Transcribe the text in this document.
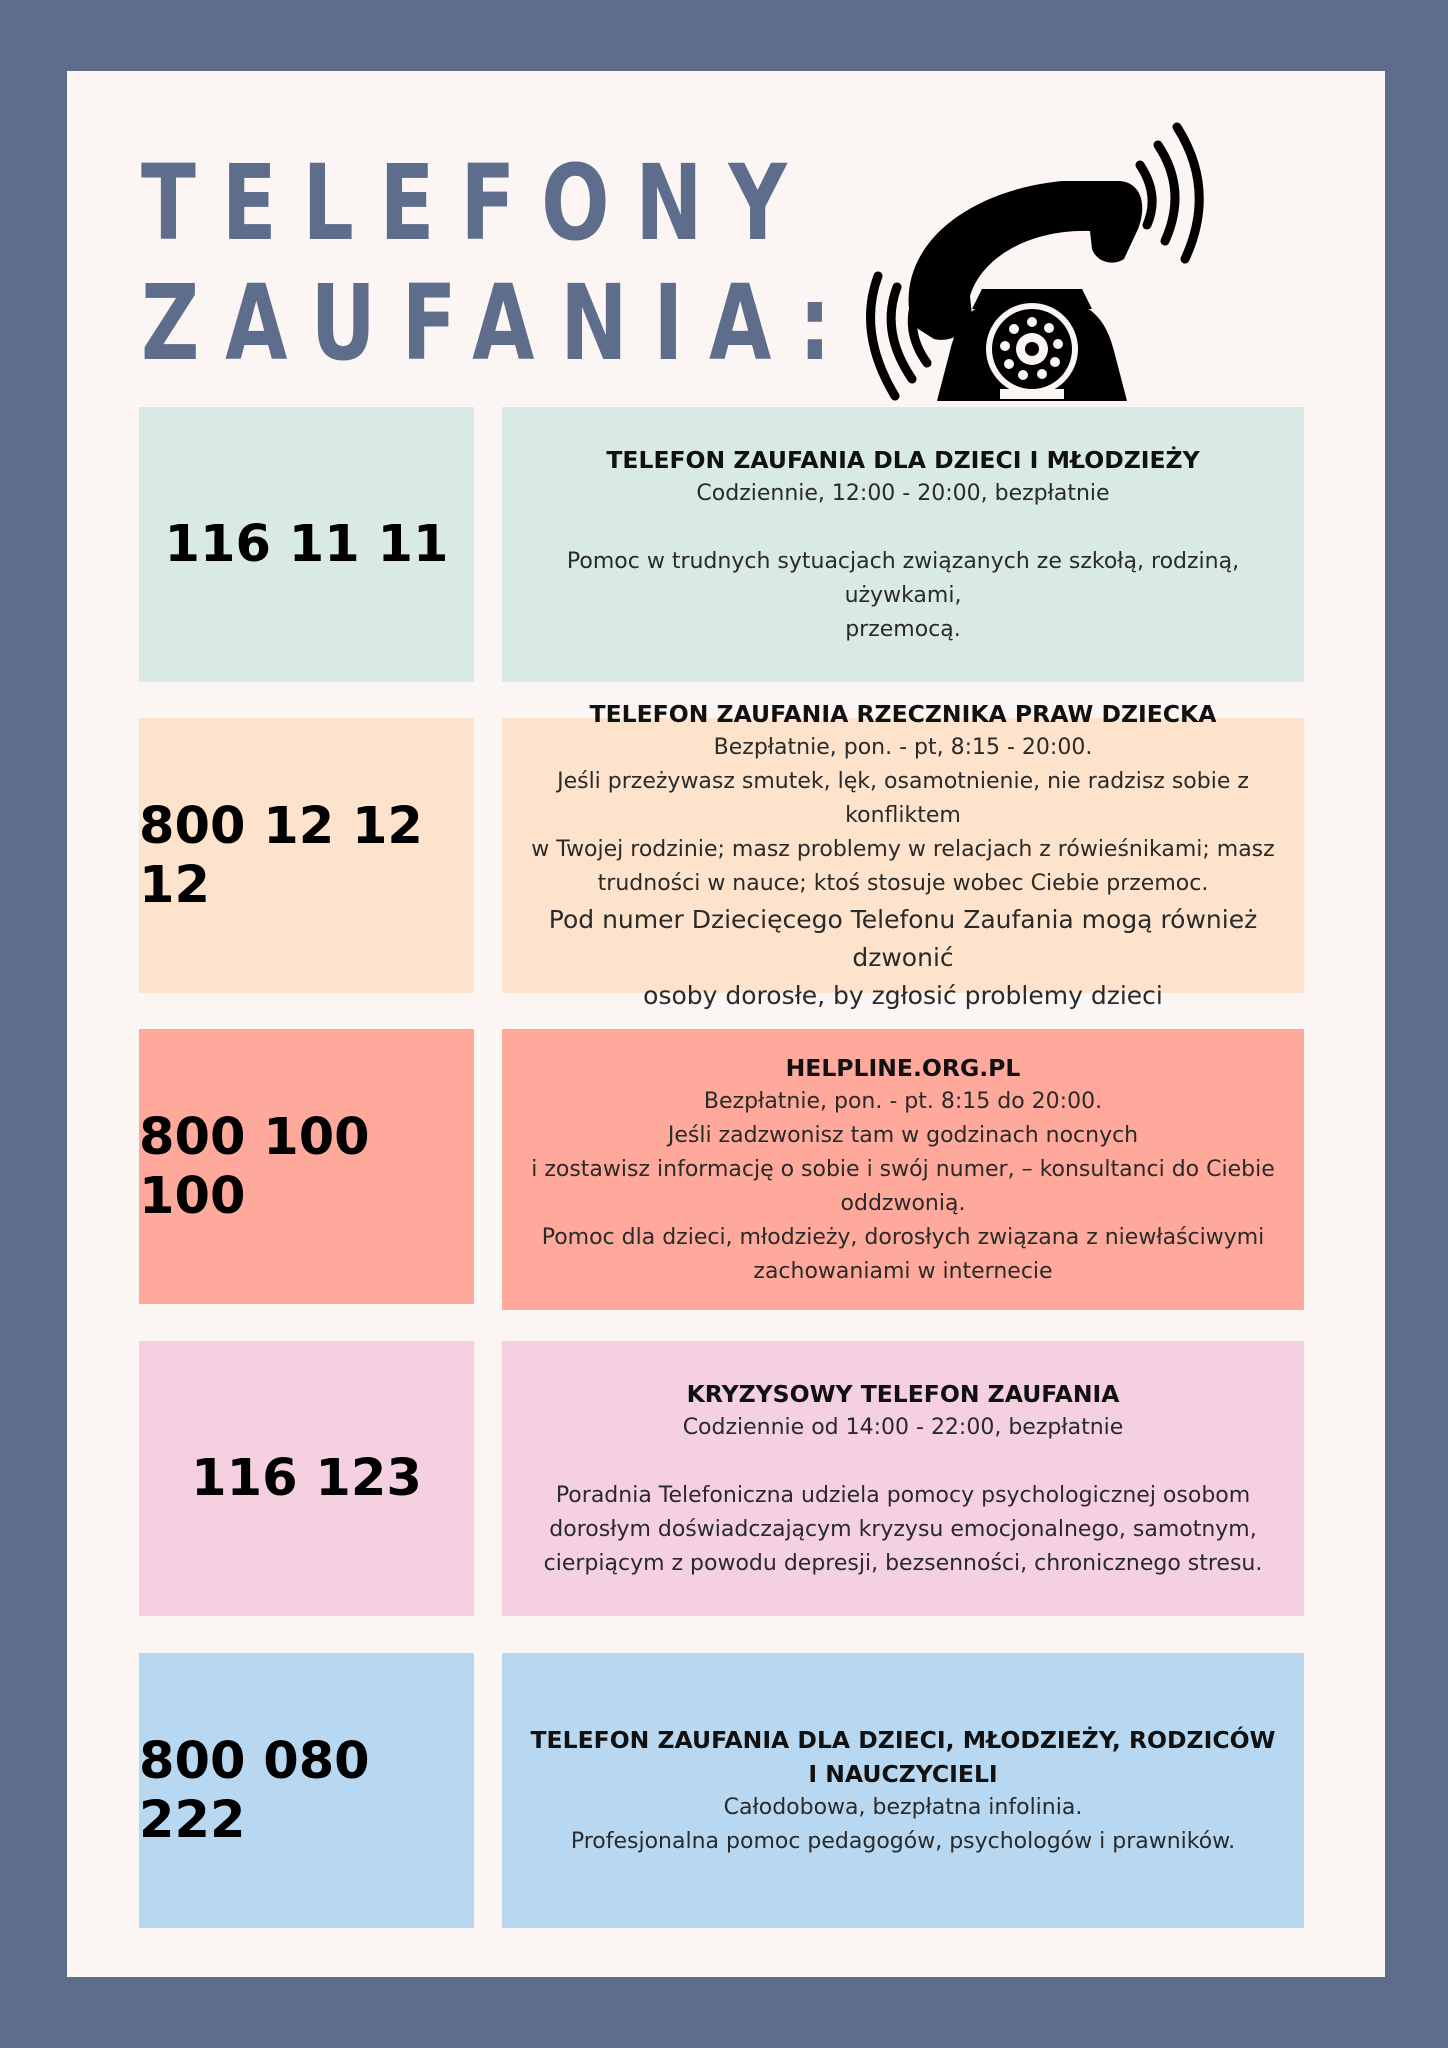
TELEFONY
ZAUFANIA:
116 11 11
TELEFON ZAUFANIA DLA DZIECI I MŁODZIEŻY
Codziennie, 12:00 - 20:00, bezpłatnie
Pomoc w trudnych sytuacjach związanych ze szkołą, rodziną, używkami,
przemocą.
800 12 12 12
TELEFON ZAUFANIA RZECZNIKA PRAW DZIECKA
Bezpłatnie, pon. - pt, 8:15 - 20:00.
Jeśli przeżywasz smutek, lęk, osamotnienie, nie radzisz sobie z konfliktem
w Twojej rodzinie; masz problemy w relacjach z rówieśnikami; masz
trudności w nauce; ktoś stosuje wobec Ciebie przemoc.
Pod numer Dziecięcego Telefonu Zaufania mogą również dzwonić
osoby dorosłe, by zgłosić problemy dzieci
800 100 100
HELPLINE.ORG.PL
Bezpłatnie, pon. - pt. 8:15 do 20:00.
Jeśli zadzwonisz tam w godzinach nocnych
i zostawisz informację o sobie i swój numer, – konsultanci do Ciebie
oddzwonią.
Pomoc dla dzieci, młodzieży, dorosłych związana z niewłaściwymi
zachowaniami w internecie
116 123
KRYZYSOWY TELEFON ZAUFANIA
Codziennie od 14:00 - 22:00, bezpłatnie
Poradnia Telefoniczna udziela pomocy psychologicznej osobom
dorosłym doświadczającym kryzysu emocjonalnego, samotnym,
cierpiącym z powodu depresji, bezsenności, chronicznego stresu.
800 080 222
TELEFON ZAUFANIA DLA DZIECI, MŁODZIEŻY, RODZICÓW
I NAUCZYCIELI
Całodobowa, bezpłatna infolinia.
Profesjonalna pomoc pedagogów, psychologów i prawników.
